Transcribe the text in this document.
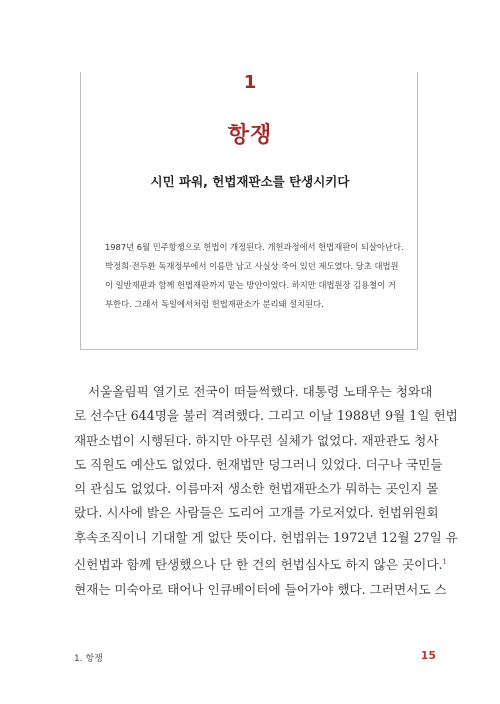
1
항쟁
시민 파워, 헌법재판소를 탄생시키다
1987년 6월 민주항쟁으로 헌법이 개정된다. 개헌과정에서 헌법재판이 되살아난다.
박정희·전두환 독재정부에서 이름만 남고 사실상 죽어 있던 제도였다. 당초 대법원
이 일반재판과 함께 헌법재판까지 맡는 방안이었다. 하지만 대법원장 김용철이 거
부한다. 그래서 독일에서처럼 헌법재판소가 분리돼 설치된다.
서울올림픽 열기로 전국이 떠들썩했다. 대통령 노태우는 청와대
로 선수단 644명을 불러 격려했다. 그리고 이날 1988년 9월 1일 헌법
재판소법이 시행된다. 하지만 아무런 실체가 없었다. 재판관도 청사
도 직원도 예산도 없었다. 헌재법만 덩그러니 있었다. 더구나 국민들
의 관심도 없었다. 이름마저 생소한 헌법재판소가 뭐하는 곳인지 몰
랐다. 시사에 밝은 사람들은 도리어 고개를 가로저었다. 헌법위원회
후속조직이니 기대할 게 없단 뜻이다. 헌법위는 1972년 12월 27일 유
신헌법과 함께 탄생했으나 단 한 건의 헌법심사도 하지 않은 곳이다.$^1$
현재는 미숙아로 태어나 인큐베이터에 들어가야 했다. 그러면서도 스
1. 항쟁	15
